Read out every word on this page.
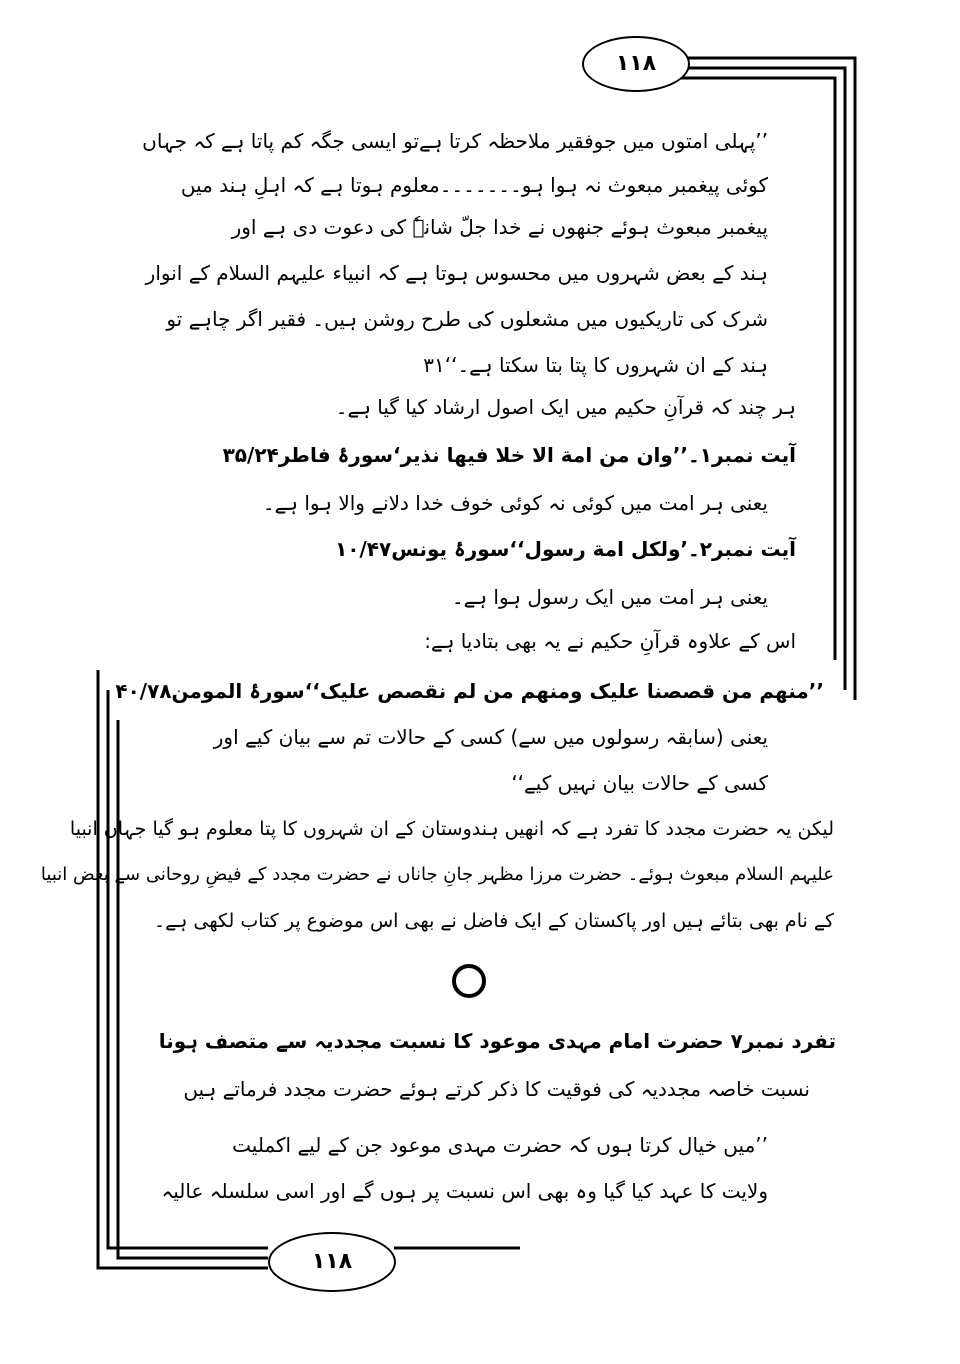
١١٨
’’پہلی امتوں میں جوفقیر ملاحظہ کرتا ہےتو ایسی جگہ کم پاتا ہے کہ جہاں
کوئی پیغمبر مبعوث نہ ہوا ہو۔۔۔۔۔۔۔معلوم ہوتا ہے کہ اہلِ ہند میں
پیغمبر مبعوث ہوئے جنھوں نے خدا جلّ شانہٗ کی دعوت دی ہے اور
ہند کے بعض شہروں میں محسوس ہوتا ہے کہ انبیاء علیہم السلام کے انوار
شرک کی تاریکیوں میں مشعلوں کی طرح روشن ہیں۔ فقیر اگر چاہے تو
ہند کے ان شہروں کا پتا بتا سکتا ہے۔‘‘۳۱
ہر چند کہ قرآنِ حکیم میں ایک اصول ارشاد کیا گیا ہے۔
آیت نمبر۱۔’’وان من امة الا خلا فیها نذیر‘سورۂ فاطر۳۵/۲۴
یعنی ہر امت میں کوئی نہ کوئی خوف خدا دلانے والا ہوا ہے۔
آیت نمبر۲۔’ولکل امة رسول‘‘سورۂ یونس۱۰/۴۷
یعنی ہر امت میں ایک رسول ہوا ہے۔
اس کے علاوہ قرآنِ حکیم نے یہ بھی بتادیا ہے:
’’منهم من قصصنا علیک ومنهم من لم نقصص علیک‘‘سورۂ المومن۴۰/۷۸
یعنی (سابقہ رسولوں میں سے) کسی کے حالات تم سے بیان کیے اور
کسی کے حالات بیان نہیں کیے‘‘
لیکن یہ حضرت مجدد کا تفرد ہے کہ انھیں ہندوستان کے ان شہروں کا پتا معلوم ہو گیا جہاں انبیا
علیہم السلام مبعوث ہوئے۔ حضرت مرزا مظہر جانِ جاناں نے حضرت مجدد کے فیضِ روحانی سے بعض انبیا
کے نام بھی بتائے ہیں اور پاکستان کے ایک فاضل نے بھی اس موضوع پر کتاب لکھی ہے۔
تفرد نمبر۷ حضرت امام مہدی موعود کا نسبت مجددیہ سے متصف ہونا
نسبت خاصہ مجددیہ کی فوقیت کا ذکر کرتے ہوئے حضرت مجدد فرماتے ہیں
’’میں خیال کرتا ہوں کہ حضرت مہدی موعود جن کے لیے اکملیت
ولایت کا عہد کیا گیا وہ بھی اس نسبت پر ہوں گے اور اسی سلسلہ عالیہ
١١٨
